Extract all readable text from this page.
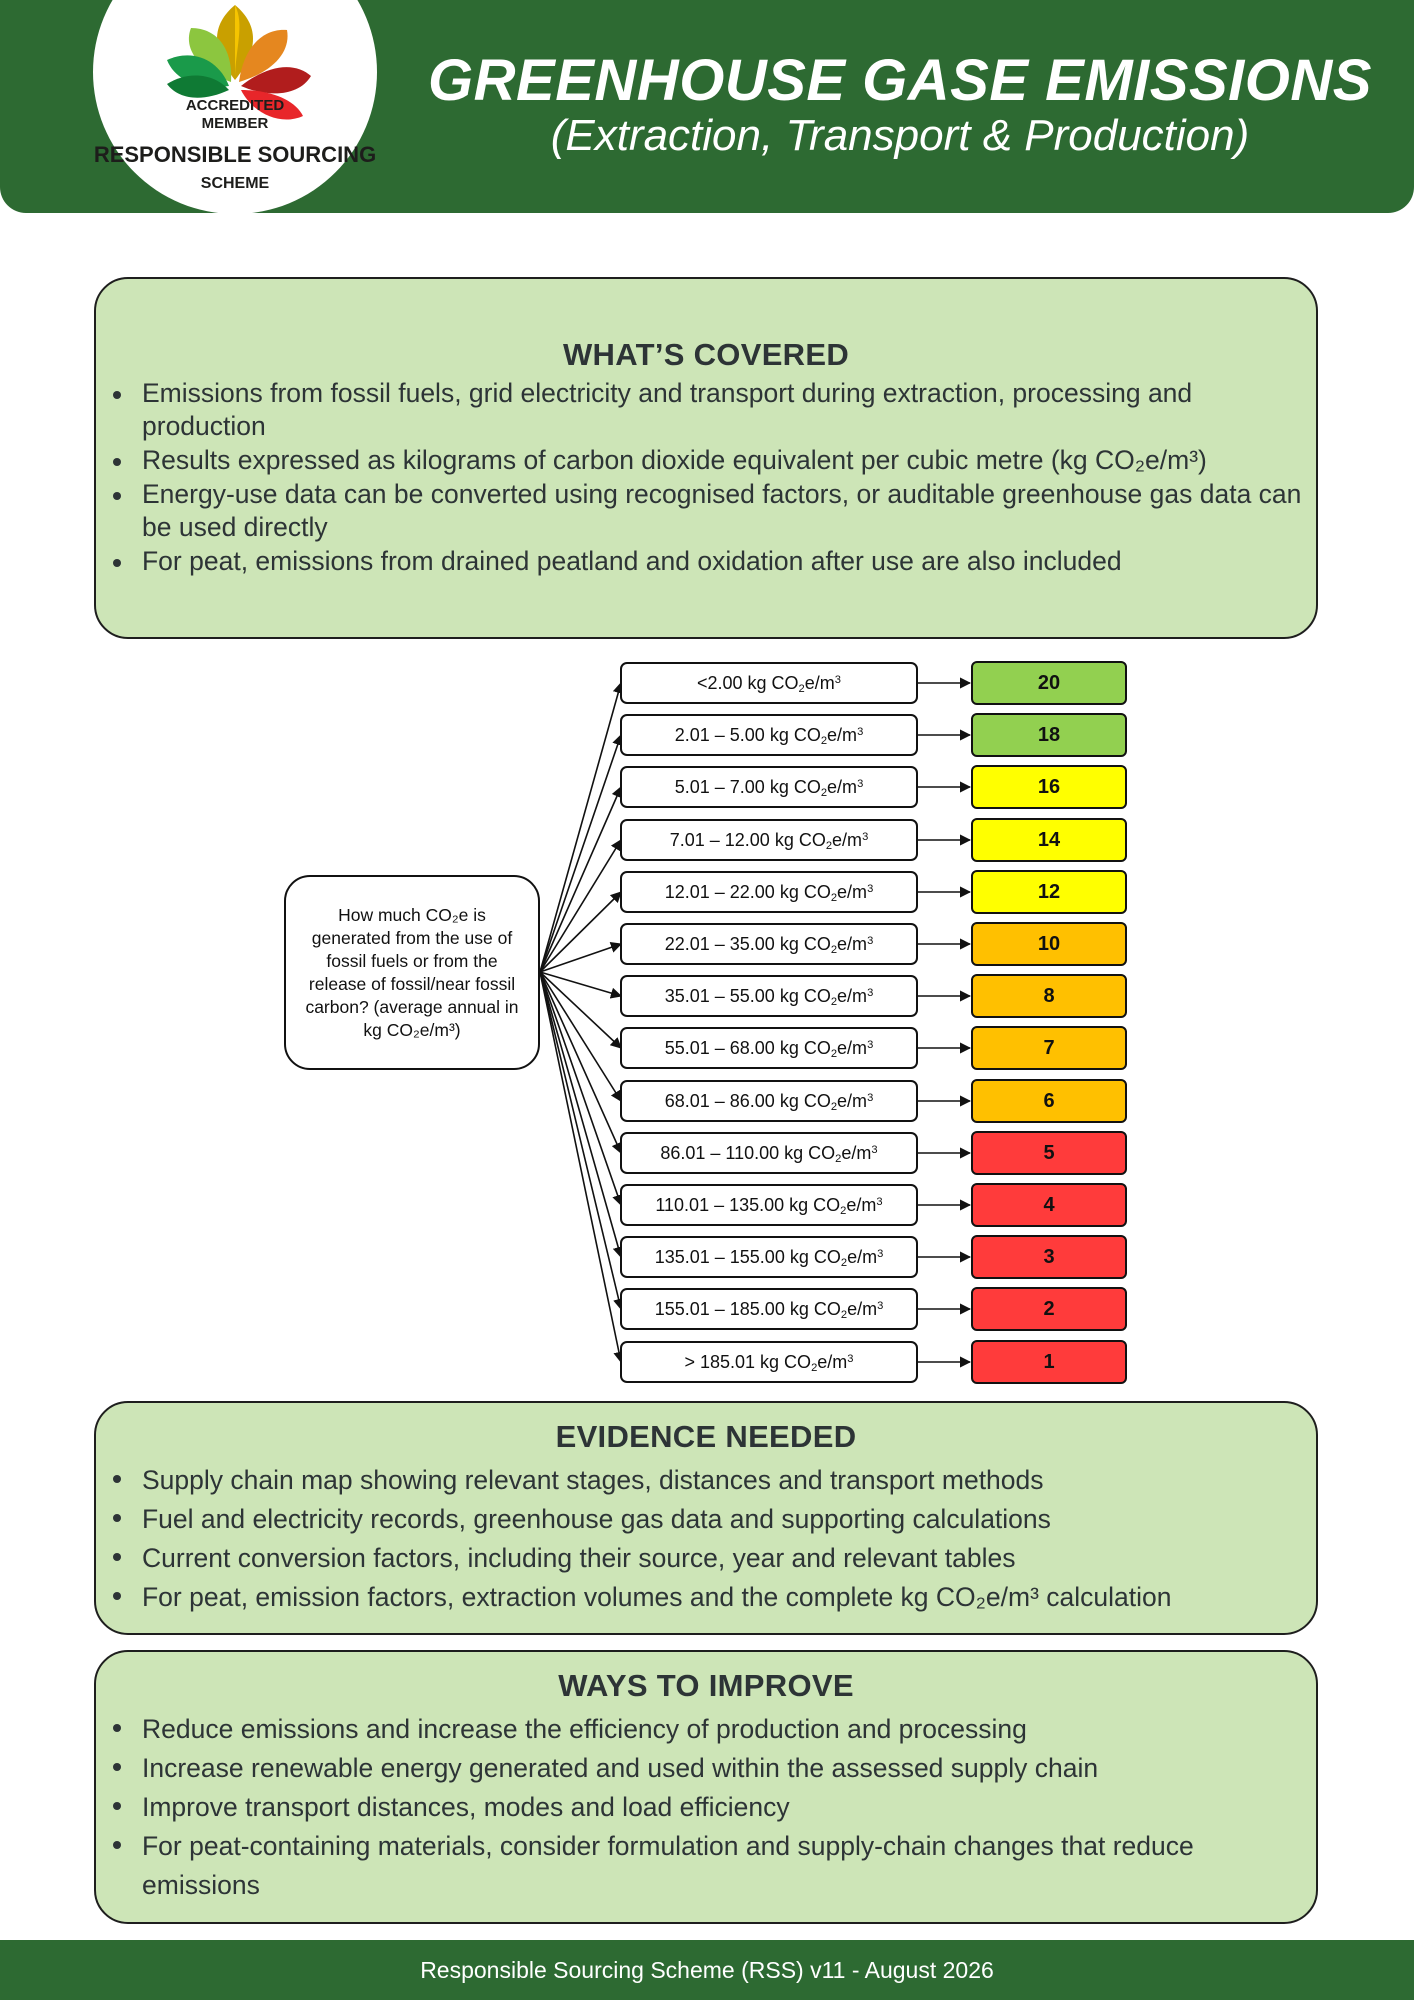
ACCREDITED
MEMBER
RESPONSIBLE SOURCING
SCHEME
GREENHOUSE GASE EMISSIONS
(Extraction, Transport & Production)
WHAT’S COVERED
Emissions from fossil fuels, grid electricity and transport during extraction, processing and production
Results expressed as kilograms of carbon dioxide equivalent per cubic metre (kg CO₂e/m³)
Energy-use data can be converted using recognised factors, or auditable greenhouse gas data can be used directly
For peat, emissions from drained peatland and oxidation after use are also included
How much CO₂e is generated from the use of fossil fuels or from the release of fossil/near fossil carbon? (average annual in kg CO₂e/m³)
<2.00 kg $CO_2e/m^3$	20
2.01 – 5.00 kg $CO_2e/m^3$	18
5.01 – 7.00 kg $CO_2e/m^3$	16
7.01 – 12.00 kg $CO_2e/m^3$	14
12.01 – 22.00 kg $CO_2e/m^3$	12
22.01 – 35.00 kg $CO_2e/m^3$	10
35.01 – 55.00 kg $CO_2e/m^3$	8
55.01 – 68.00 kg $CO_2e/m^3$	7
68.01 – 86.00 kg $CO_2e/m^3$	6
86.01 – 110.00 kg $CO_2e/m^3$	5
110.01 – 135.00 kg $CO_2e/m^3$	4
135.01 – 155.00 kg $CO_2e/m^3$	3
155.01 – 185.00 kg $CO_2e/m^3$	2
> 185.01 kg $CO_2e/m^3$	1
EVIDENCE NEEDED
Supply chain map showing relevant stages, distances and transport methods
Fuel and electricity records, greenhouse gas data and supporting calculations
Current conversion factors, including their source, year and relevant tables
For peat, emission factors, extraction volumes and the complete kg CO₂e/m³ calculation
WAYS TO IMPROVE
Reduce emissions and increase the efficiency of production and processing
Increase renewable energy generated and used within the assessed supply chain
Improve transport distances, modes and load efficiency
For peat-containing materials, consider formulation and supply-chain changes that reduce emissions
Responsible Sourcing Scheme (RSS) v11 - August 2026
